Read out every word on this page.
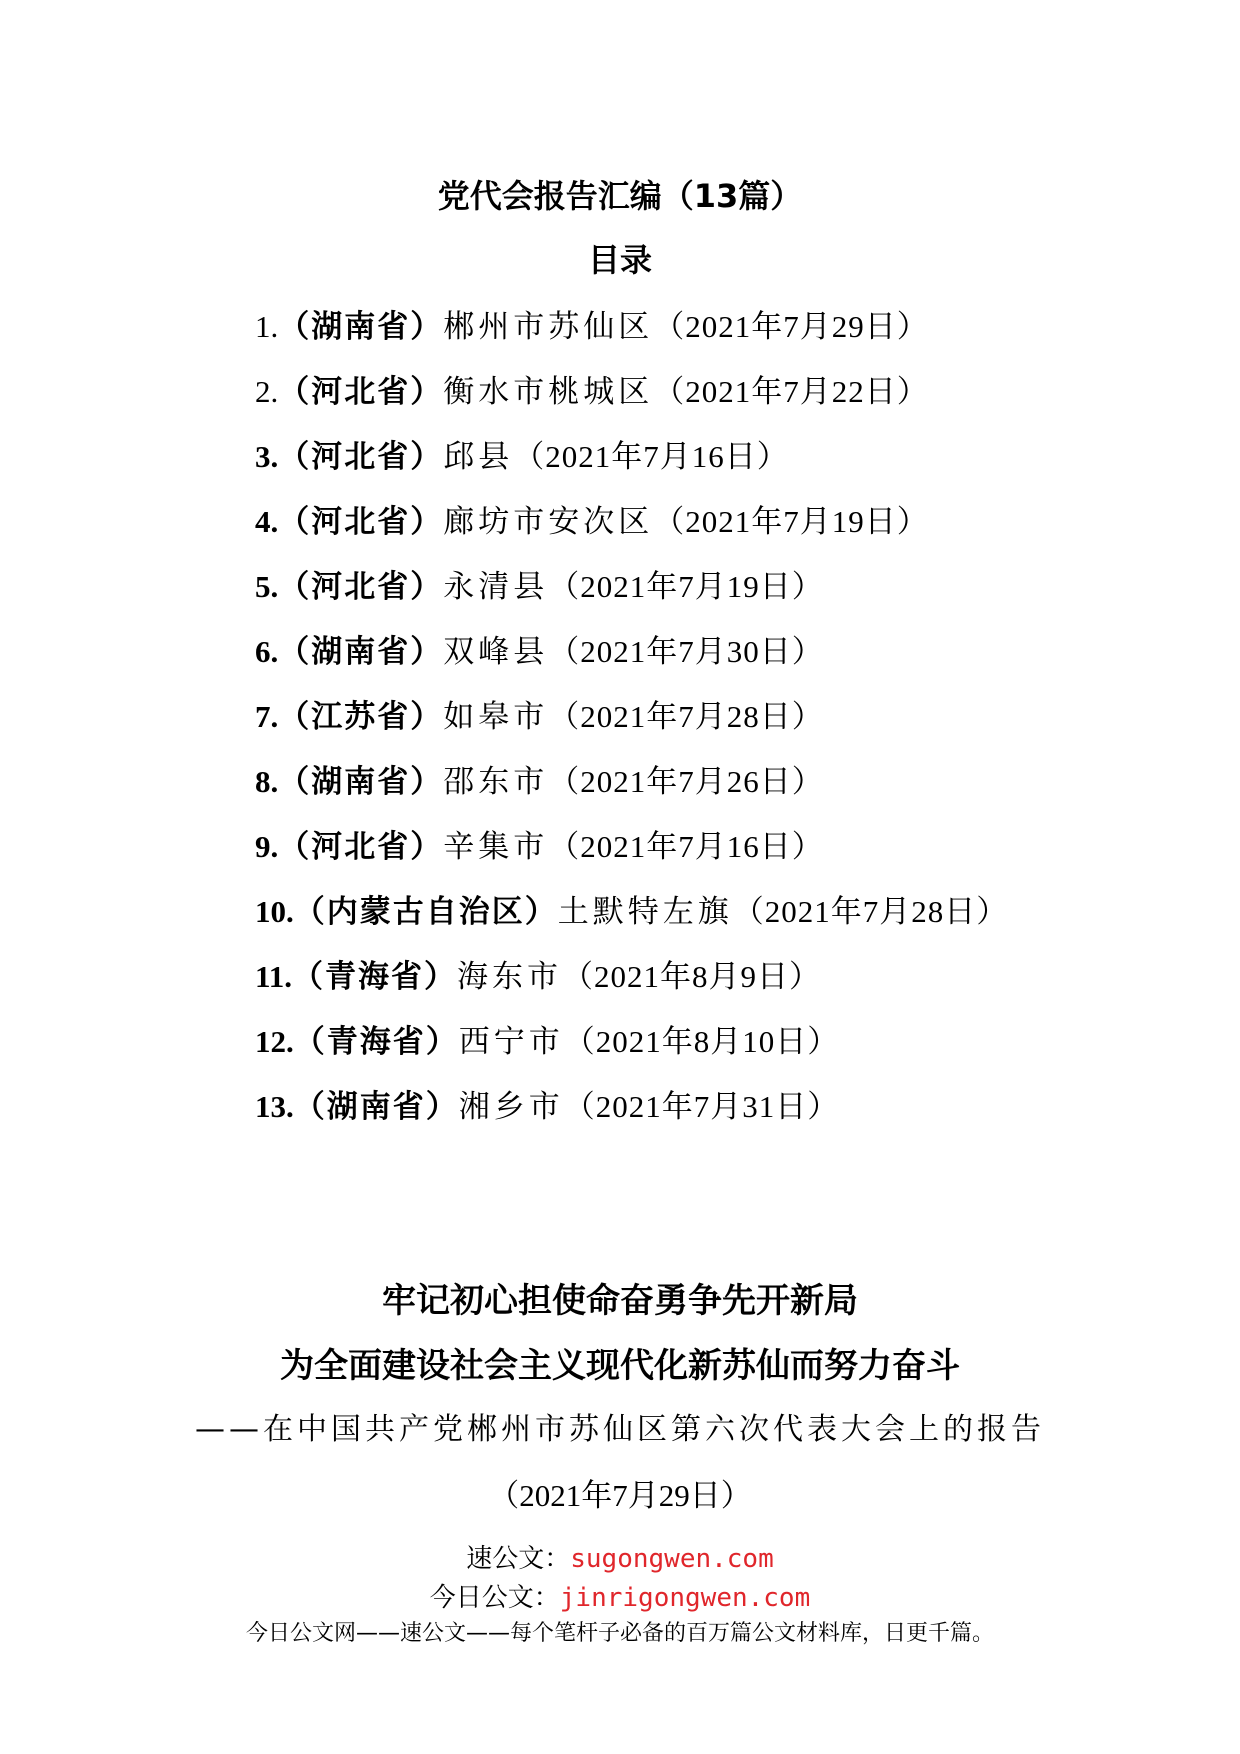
党代会报告汇编（13篇）
目录
1.（湖南省）郴州市苏仙区（2021年7月29日）
2.（河北省）衡水市桃城区（2021年7月22日）
3.（河北省）邱县（2021年7月16日）
4.（河北省）廊坊市安次区（2021年7月19日）
5.（河北省）永清县（2021年7月19日）
6.（湖南省）双峰县（2021年7月30日）
7.（江苏省）如皋市（2021年7月28日）
8.（湖南省）邵东市（2021年7月26日）
9.（河北省）辛集市（2021年7月16日）
10.（内蒙古自治区）土默特左旗（2021年7月28日）
11.（青海省）海东市（2021年8月9日）
12.（青海省）西宁市（2021年8月10日）
13.（湖南省）湘乡市（2021年7月31日）
牢记初心担使命奋勇争先开新局
为全面建设社会主义现代化新苏仙而努力奋斗
——在中国共产党郴州市苏仙区第六次代表大会上的报告
（2021年7月29日）
速公文：sugongwen.com
今日公文：jinrigongwen.com
今日公文网——速公文——每个笔杆子必备的百万篇公文材料库，日更千篇。
